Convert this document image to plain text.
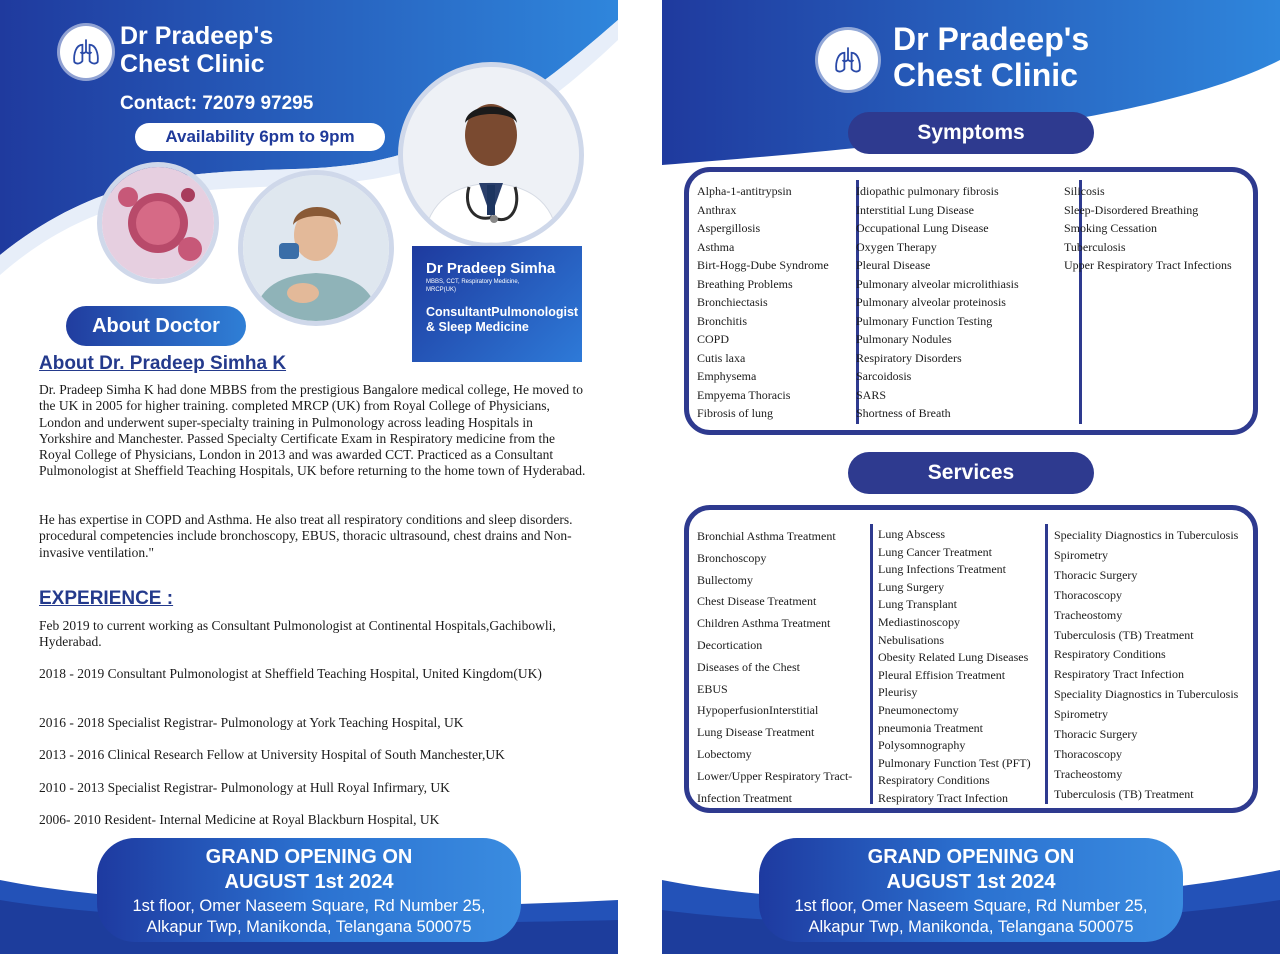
Dr Pradeep's
Chest Clinic
Contact: 72079 97295
Availability 6pm to 9pm
Dr Pradeep Simha
MBBS, CCT, Respiratory Medicine, MRCP(UK)
ConsultantPulmonologist & Sleep Medicine
About Doctor
About Dr. Pradeep Simha K
Dr. Pradeep Simha K had done MBBS from the prestigious Bangalore medical college, He moved to the UK in 2005 for higher training. completed MRCP (UK) from Royal College of Physicians, London and underwent super-specialty training in Pulmonology across leading Hospitals in Yorkshire and Manchester. Passed Specialty Certificate Exam in Respiratory medicine from the Royal College of Physicians, London in 2013 and was awarded CCT. Practiced as a Consultant Pulmonologist at Sheffield Teaching Hospitals, UK before returning to the home town of Hyderabad.
He has expertise in COPD and Asthma. He also treat all respiratory conditions and sleep disorders. procedural competencies include bronchoscopy, EBUS, thoracic ultrasound, chest drains and Non-invasive ventilation."
EXPERIENCE :
Feb 2019 to current working as Consultant Pulmonologist at Continental Hospitals,Gachibowli, Hyderabad.
2018 - 2019 Consultant Pulmonologist at Sheffield Teaching Hospital, United Kingdom(UK)
2016 - 2018 Specialist Registrar- Pulmonology at York Teaching Hospital, UK
2013 - 2016 Clinical Research Fellow at University Hospital of South Manchester,UK
2010 - 2013 Specialist Registrar- Pulmonology at Hull Royal Infirmary, UK
2006- 2010 Resident- Internal Medicine at Royal Blackburn Hospital, UK
GRAND OPENING ON
AUGUST 1st 2024
1st floor, Omer Naseem Square, Rd Number 25,
Alkapur Twp, Manikonda, Telangana 500075
Dr Pradeep's
Chest Clinic
Symptoms
Alpha-1-antitrypsin
Anthrax
Aspergillosis
Asthma
Birt-Hogg-Dube Syndrome
Breathing Problems
Bronchiectasis
Bronchitis
COPD
Cutis laxa
Emphysema
Empyema Thoracis
Fibrosis of lung
Idiopathic pulmonary fibrosis
Interstitial Lung Disease
Occupational Lung Disease
Oxygen Therapy
Pleural Disease
Pulmonary alveolar microlithiasis
Pulmonary alveolar proteinosis
Pulmonary Function Testing
Pulmonary Nodules
Respiratory Disorders
Sarcoidosis
SARS
Shortness of Breath
Silicosis
Sleep-Disordered Breathing
Smoking Cessation
Tuberculosis
Upper Respiratory Tract Infections
Services
Bronchial Asthma Treatment
Bronchoscopy
Bullectomy
Chest Disease Treatment
Children Asthma Treatment
Decortication
Diseases of the Chest
EBUS
HypoperfusionInterstitial
Lung Disease Treatment
Lobectomy
Lower/Upper Respiratory Tract-
Infection Treatment
Lung Abscess
Lung Cancer Treatment
Lung Infections Treatment
Lung Surgery
Lung Transplant
Mediastinoscopy
Nebulisations
Obesity Related Lung Diseases
Pleural Effision Treatment
Pleurisy
Pneumonectomy
pneumonia Treatment
Polysomnography
Pulmonary Function Test (PFT)
Respiratory Conditions
Respiratory Tract Infection
Speciality Diagnostics in Tuberculosis
Spirometry
Thoracic Surgery
Thoracoscopy
Tracheostomy
Tuberculosis (TB) Treatment
Respiratory Conditions
Respiratory Tract Infection
Speciality Diagnostics in Tuberculosis
Spirometry
Thoracic Surgery
Thoracoscopy
Tracheostomy
Tuberculosis (TB) Treatment
GRAND OPENING ON
AUGUST 1st 2024
1st floor, Omer Naseem Square, Rd Number 25,
Alkapur Twp, Manikonda, Telangana 500075
